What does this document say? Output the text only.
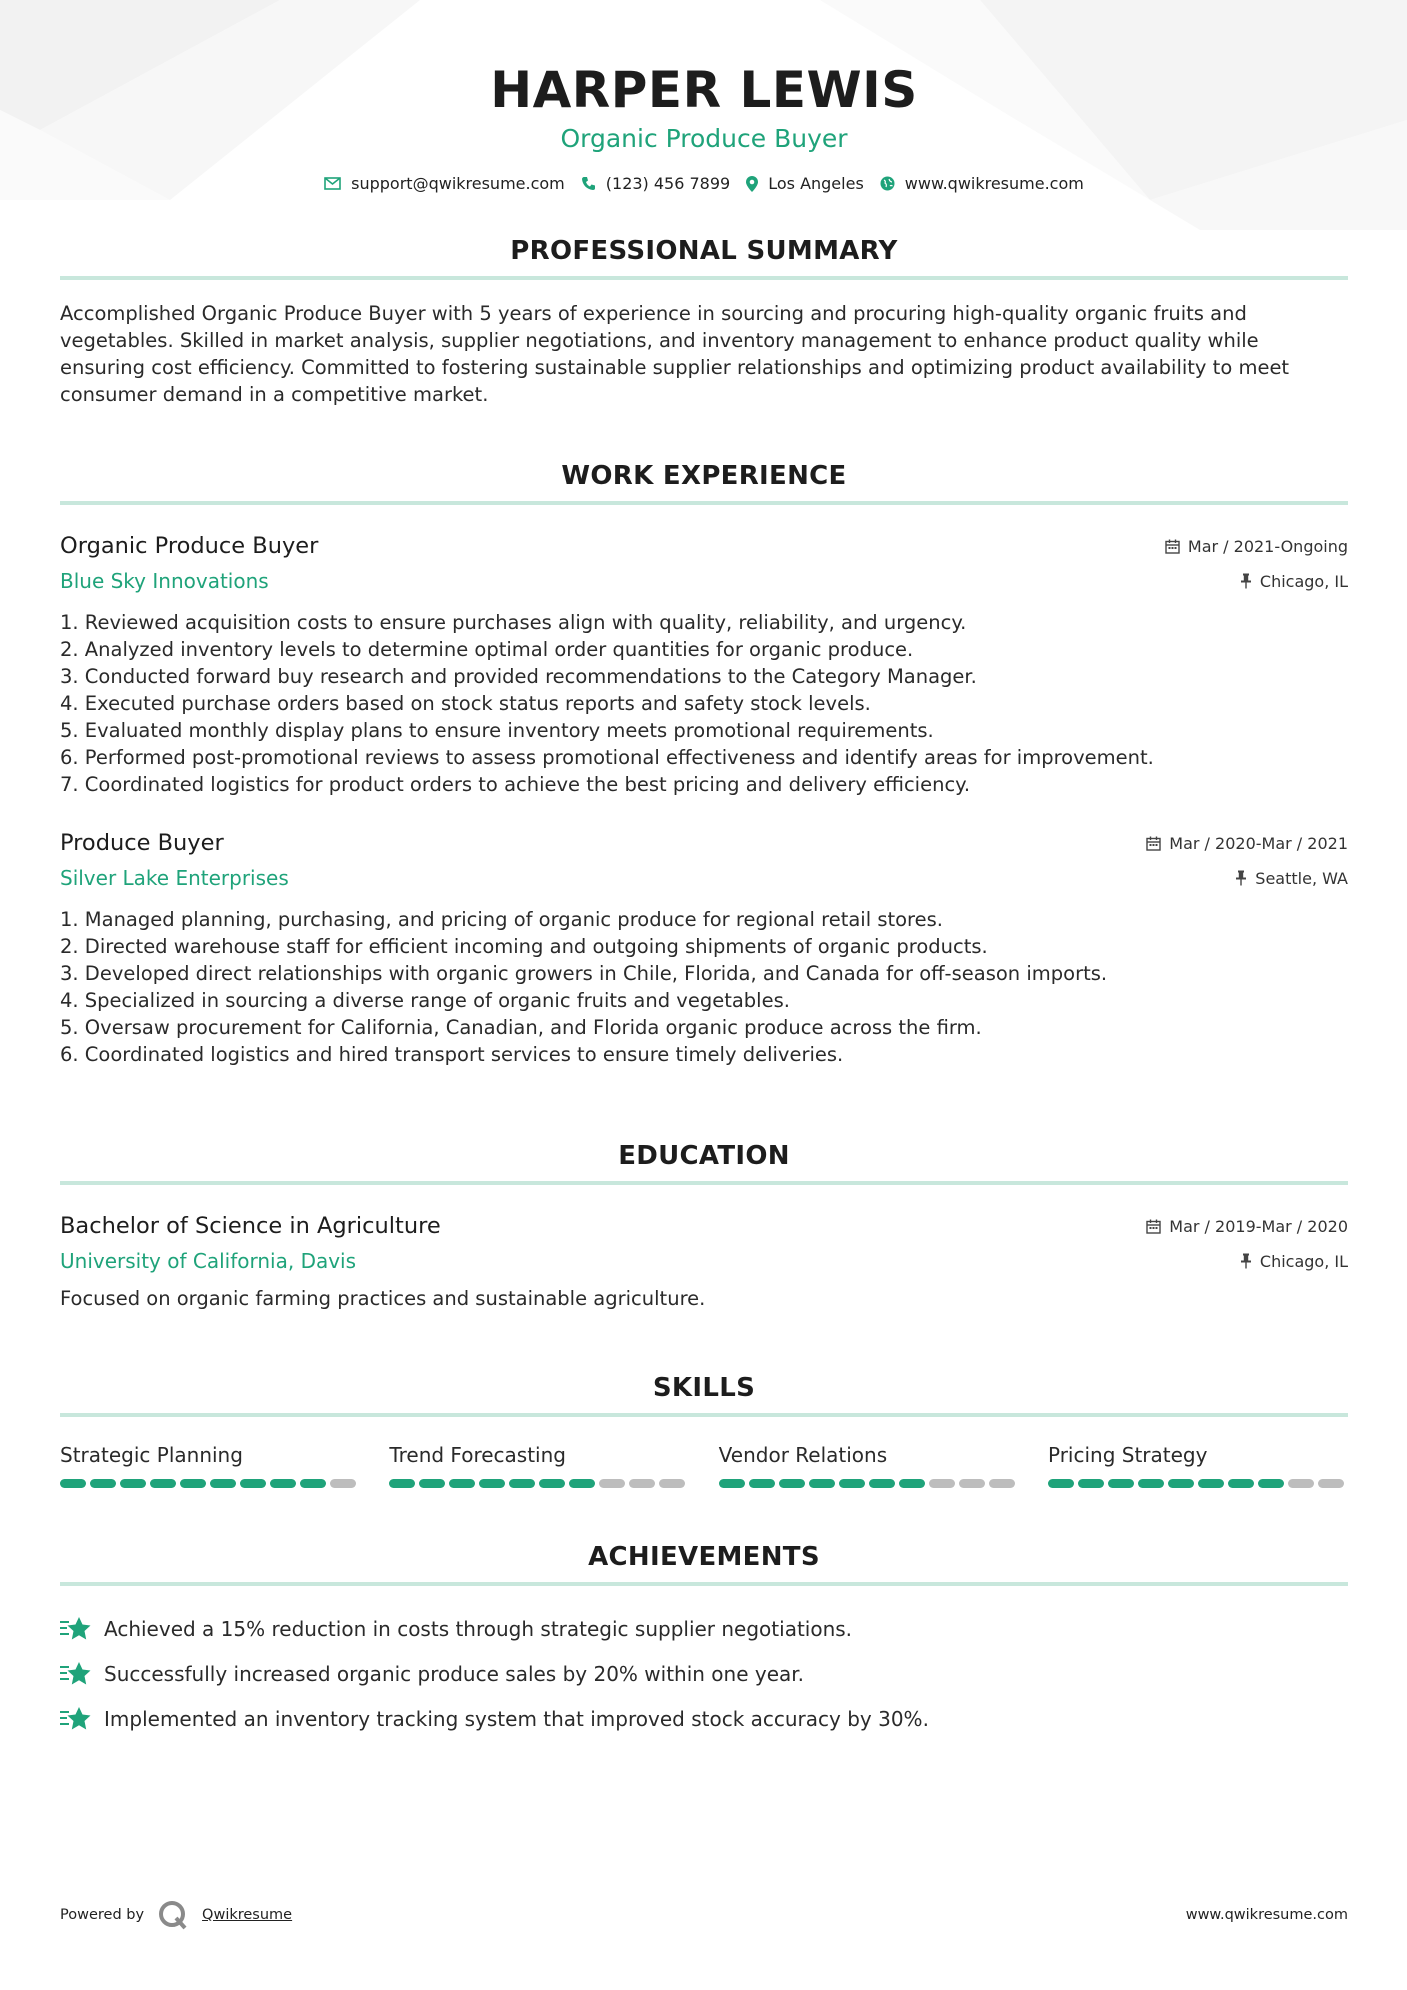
HARPER LEWIS
Organic Produce Buyer
support@qwikresume.com	(123) 456 7899 Los Angeles	www.qwikresume.com
PROFESSIONAL SUMMARY

Accomplished Organic Produce Buyer with 5 years of experience in sourcing and procuring high-quality organic fruits and vegetables. Skilled in market analysis, supplier negotiations, and inventory management to enhance product quality while ensuring cost efficiency. Committed to fostering sustainable supplier relationships and optimizing product availability to meet consumer demand in a competitive market.

WORK EXPERIENCE
Organic Produce Buyer	Mar / 2021-Ongoing
Blue Sky Innovations	Chicago, IL
1. Reviewed acquisition costs to ensure purchases align with quality, reliability, and urgency.
2. Analyzed inventory levels to determine optimal order quantities for organic produce.
3. Conducted forward buy research and provided recommendations to the Category Manager.
4. Executed purchase orders based on stock status reports and safety stock levels.
5. Evaluated monthly display plans to ensure inventory meets promotional requirements.
6. Performed post-promotional reviews to assess promotional effectiveness and identify areas for improvement.
7. Coordinated logistics for product orders to achieve the best pricing and delivery efficiency.
Produce Buyer	Mar / 2020-Mar / 2021
Silver Lake Enterprises	Seattle, WA
1. Managed planning, purchasing, and pricing of organic produce for regional retail stores.
2. Directed warehouse staff for efficient incoming and outgoing shipments of organic products.
3. Developed direct relationships with organic growers in Chile, Florida, and Canada for off-season imports.
4. Specialized in sourcing a diverse range of organic fruits and vegetables.
5. Oversaw procurement for California, Canadian, and Florida organic produce across the firm.
6. Coordinated logistics and hired transport services to ensure timely deliveries.
EDUCATION
Bachelor of Science in Agriculture	Mar / 2019-Mar / 2020
University of California, Davis	Chicago, IL
Focused on organic farming practices and sustainable agriculture.
SKILLS
Strategic Planning	Trend Forecasting	Vendor Relations	Pricing Strategy
ACHIEVEMENTS
Achieved a 15% reduction in costs through strategic supplier negotiations.
Successfully increased organic produce sales by 20% within one year.
Implemented an inventory tracking system that improved stock accuracy by 30%.
Powered by	Qwikresume	www.qwikresume.com
